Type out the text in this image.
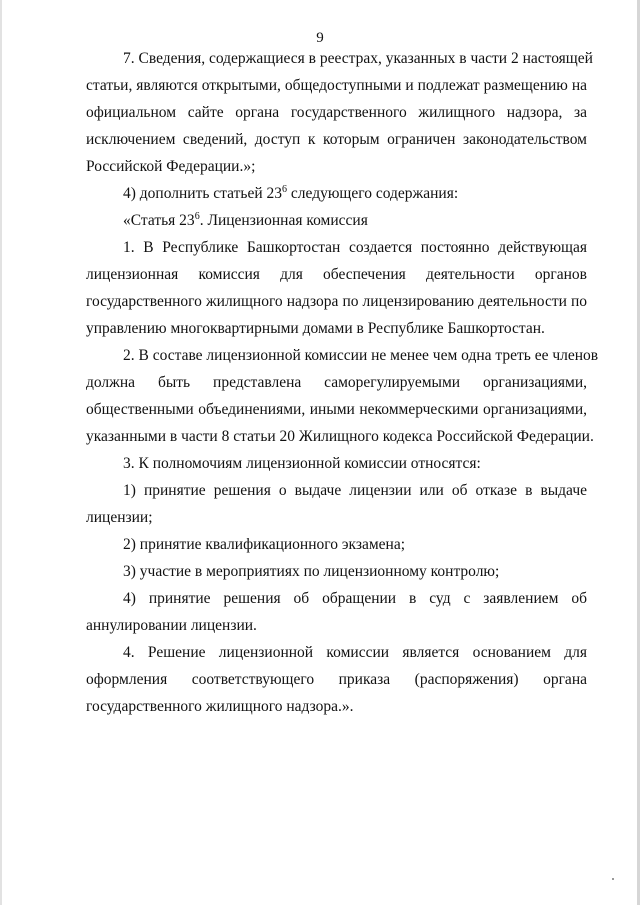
9
7. Сведения, содержащиеся в реестрах, указанных в части 2 настоящей
статьи, являются открытыми, общедоступными и подлежат размещению на
официальном сайте органа государственного жилищного надзора, за
исключением сведений, доступ к которым ограничен законодательством
Российской Федерации.»;
4) дополнить статьей $23^6$ следующего содержания:
«Статья $23^6$. Лицензионная комиссия
1. В Республике Башкортостан создается постоянно действующая
лицензионная комиссия для обеспечения деятельности органов
государственного жилищного надзора по лицензированию деятельности по
управлению многоквартирными домами в Республике Башкортостан.
2. В составе лицензионной комиссии не менее чем одна треть ее членов
должна быть представлена саморегулируемыми организациями,
общественными объединениями, иными некоммерческими организациями,
указанными в части 8 статьи 20 Жилищного кодекса Российской Федерации.
3. К полномочиям лицензионной комиссии относятся:
1) принятие решения о выдаче лицензии или об отказе в выдаче
лицензии;
2) принятие квалификационного экзамена;
3) участие в мероприятиях по лицензионному контролю;
4) принятие решения об обращении в суд с заявлением об
аннулировании лицензии.
4. Решение лицензионной комиссии является основанием для
оформления соответствующего приказа (распоряжения) органа
государственного жилищного надзора.».
